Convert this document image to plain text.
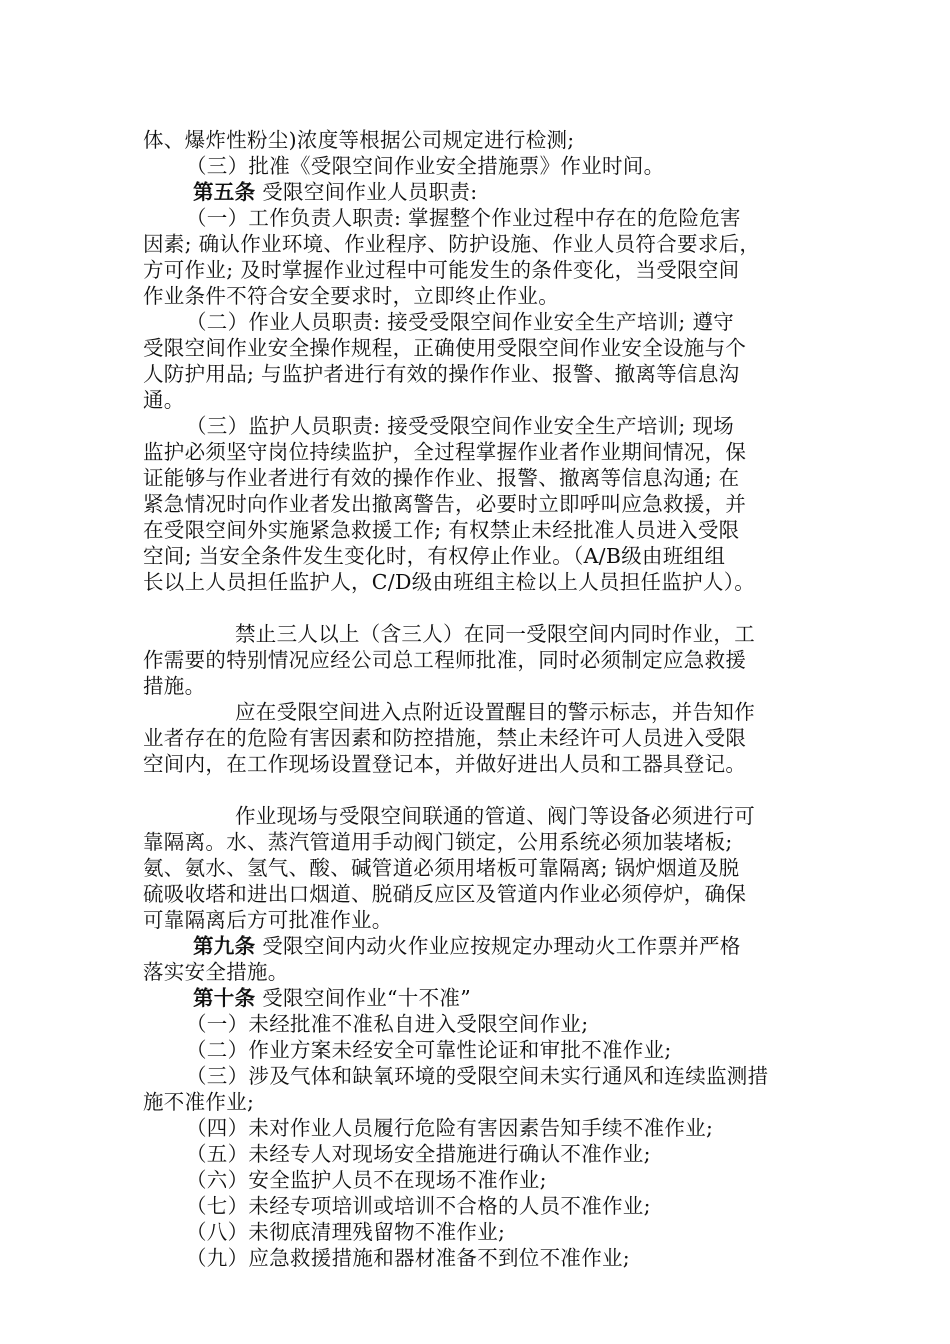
体、爆炸性粉尘)浓度等根据公司规定进行检测;
（三）批准《受限空间作业安全措施票》作业时间。
第五条 受限空间作业人员职责:
（一）工作负责人职责: 掌握整个作业过程中存在的危险危害
因素; 确认作业环境、作业程序、防护设施、作业人员符合要求后，
方可作业; 及时掌握作业过程中可能发生的条件变化，当受限空间
作业条件不符合安全要求时，立即终止作业。
（二）作业人员职责: 接受受限空间作业安全生产培训; 遵守
受限空间作业安全操作规程，正确使用受限空间作业安全设施与个
人防护用品; 与监护者进行有效的操作作业、报警、撤离等信息沟
通。
（三）监护人员职责: 接受受限空间作业安全生产培训; 现场
监护必须坚守岗位持续监护，全过程掌握作业者作业期间情况，保
证能够与作业者进行有效的操作作业、报警、撤离等信息沟通; 在
紧急情况时向作业者发出撤离警告，必要时立即呼叫应急救援，并
在受限空间外实施紧急救援工作; 有权禁止未经批准人员进入受限
空间; 当安全条件发生变化时，有权停止作业。（A/B级由班组组
长以上人员担任监护人，C/D级由班组主检以上人员担任监护人）。
禁止三人以上（含三人）在同一受限空间内同时作业，工
作需要的特别情况应经公司总工程师批准，同时必须制定应急救援
措施。
应在受限空间进入点附近设置醒目的警示标志，并告知作
业者存在的危险有害因素和防控措施，禁止未经许可人员进入受限
空间内，在工作现场设置登记本，并做好进出人员和工器具登记。
作业现场与受限空间联通的管道、阀门等设备必须进行可
靠隔离。水、蒸汽管道用手动阀门锁定，公用系统必须加装堵板;
氨、氨水、氢气、酸、碱管道必须用堵板可靠隔离; 锅炉烟道及脱
硫吸收塔和进出口烟道、脱硝反应区及管道内作业必须停炉，确保
可靠隔离后方可批准作业。
第九条 受限空间内动火作业应按规定办理动火工作票并严格
落实安全措施。
第十条 受限空间作业“十不准”
（一）未经批准不准私自进入受限空间作业;
（二）作业方案未经安全可靠性论证和审批不准作业;
（三）涉及气体和缺氧环境的受限空间未实行通风和连续监测措
施不准作业;
（四）未对作业人员履行危险有害因素告知手续不准作业;
（五）未经专人对现场安全措施进行确认不准作业;
（六）安全监护人员不在现场不准作业;
（七）未经专项培训或培训不合格的人员不准作业;
（八）未彻底清理残留物不准作业;
（九）应急救援措施和器材准备不到位不准作业;
